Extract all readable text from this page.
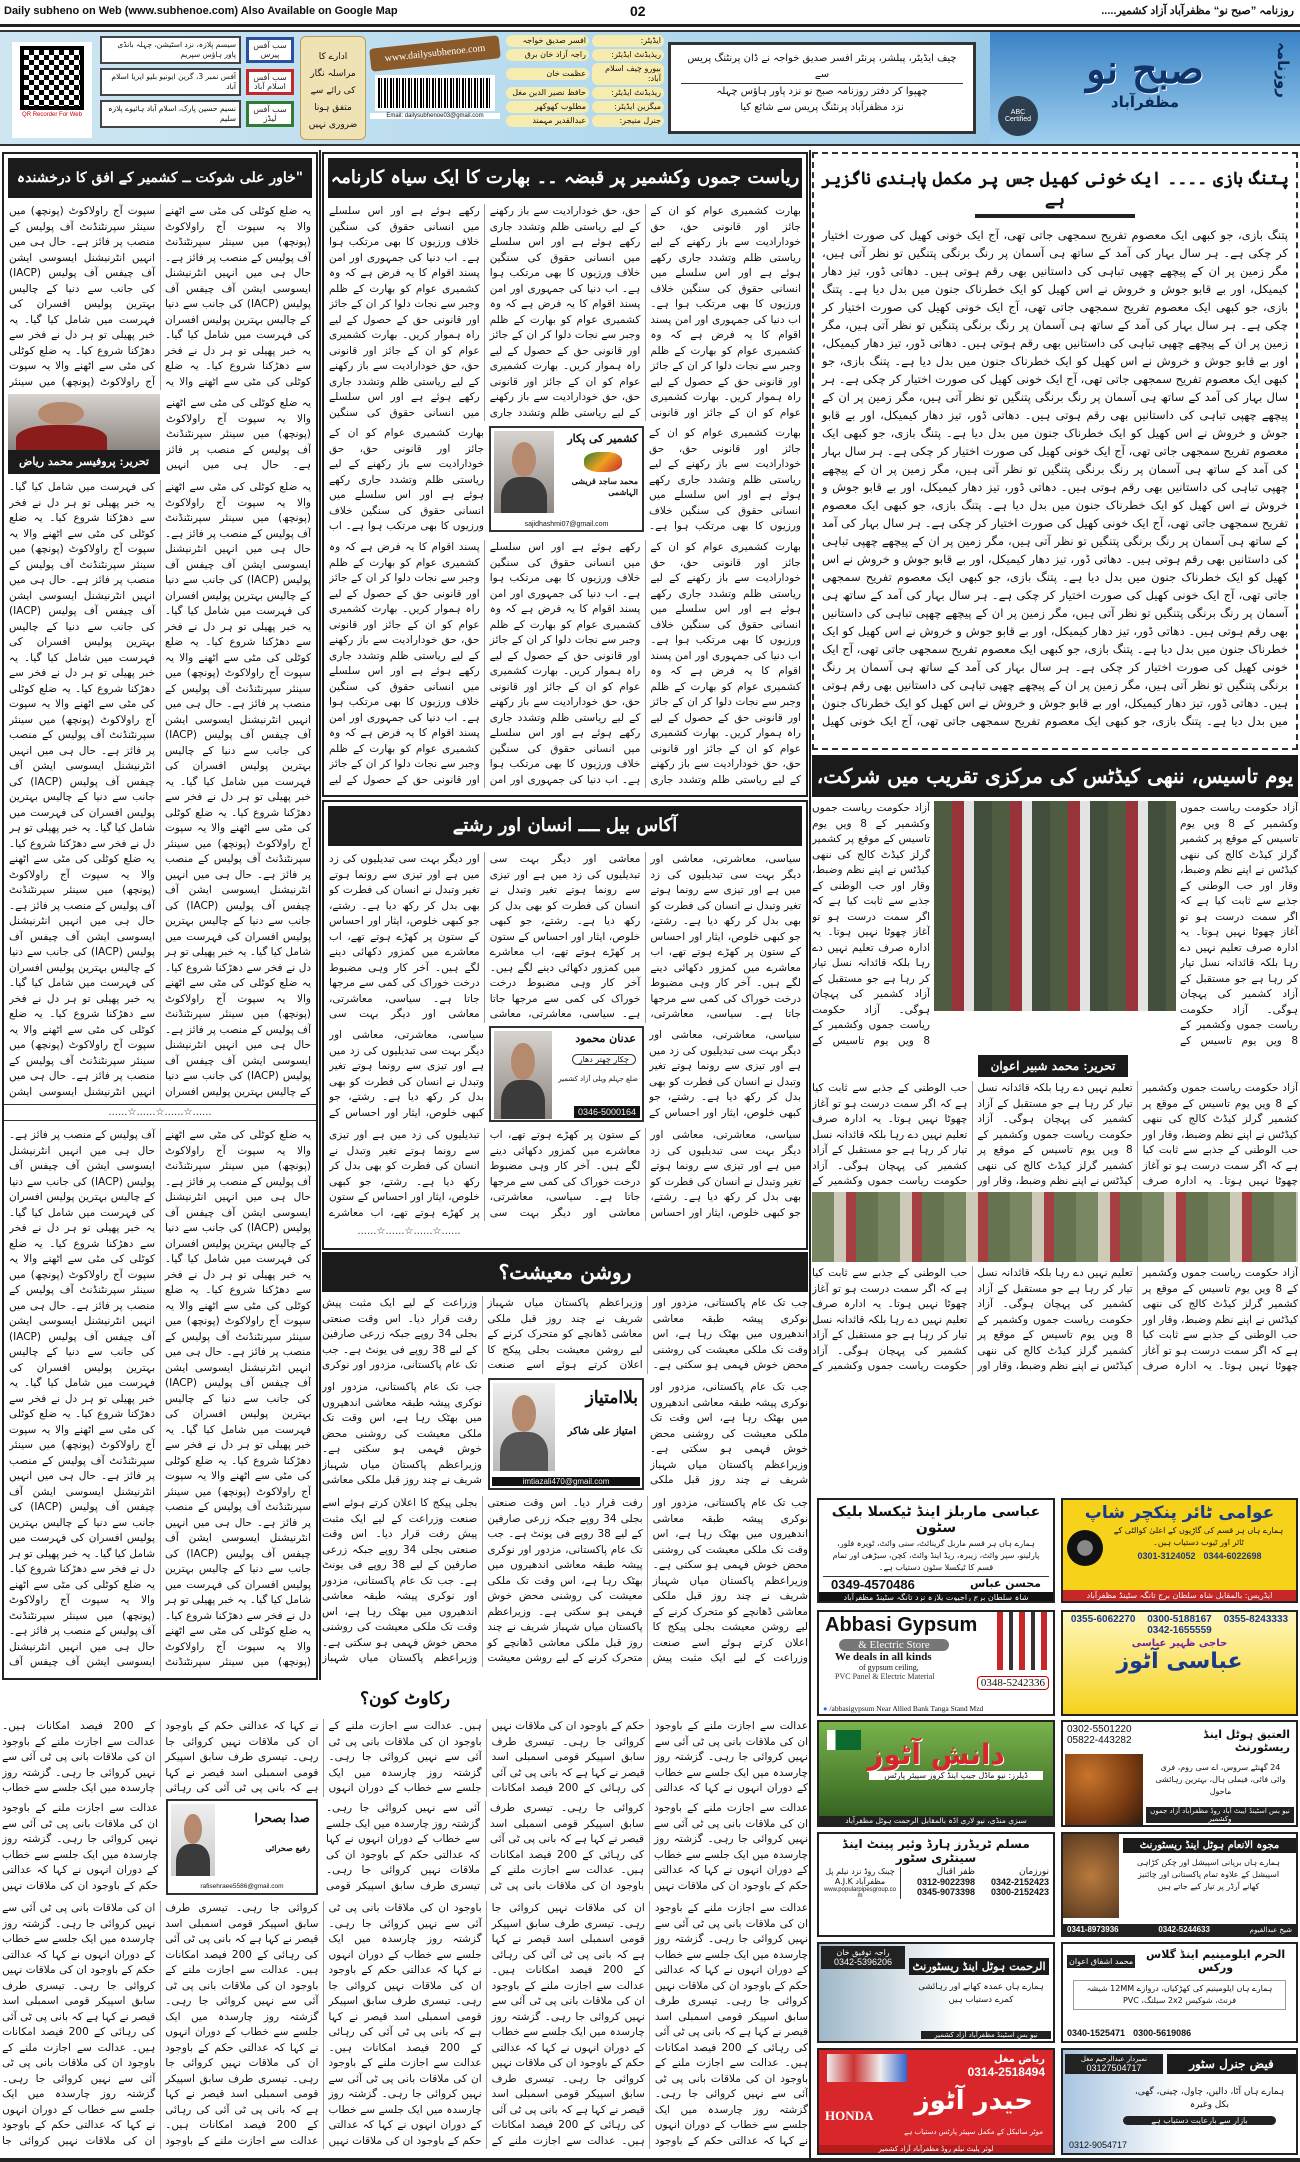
Daily subheno on Web (www.subhenoe.com) Also Available on Google Map	02	روزنامہ ”صبح نو“ مظفرآباد آزاد کشمیر.....
روزنامہ
صبح نو
مظفرآباد
ABC Certified
چیف ایڈیٹر، پبلشر، پرنٹر افسر صدیق خواجہ نے ڈان پرنٹنگ پریس سے
چھپوا کر دفتر روزنامہ صبح نو نزد پاور ہاؤس چہلہ
نزد مظفرآباد پرنٹنگ پریس سے شائع کیا
ایڈیٹر:
افسر صدیق خواجہ
ریذیڈنٹ ایڈیٹر:
راجہ آزاد خان برق
بیورو چیف اسلام آباد:
عظمت خان
ریذیڈنٹ ایڈیٹر:
حافظ نصیر الدین مغل
میگزین ایڈیٹر:
مطلوب کھوکھر
جنرل منیجر:
عبدالقدیر مہمند
www.dailysubhenoe.com
Email: dailysubhenoe03@gmail.com
ادارے کا مراسلہ نگار کی رائے سے متفق ہونا ضروری نہیں
سب آفس پیرس
سیسم پلازہ، نزد اسٹیشن، چہلہ بانڈی پاور ہاؤس سپریم
سب آفس اسلام آباد
آفس نمبر 3، گرین ایونیو بلیو ایریا اسلام آباد
سب آفس لیڈز
نسیم حسین پارک، اسلام آباد ہائیوے پلازہ سلیم
QR Recorder For Web
پتنگ بازی ۔۔۔۔ ایک خونی کھیل جس پر مکمل پابندی ناگزیر ہے
پتنگ بازی، جو کبھی ایک معصوم تفریح سمجھی جاتی تھی، آج ایک خونی کھیل کی صورت اختیار کر چکی ہے۔ ہر سال بہار کی آمد کے ساتھ ہی آسمان پر رنگ برنگی پتنگیں تو نظر آتی ہیں، مگر زمین پر ان کے پیچھے چھپی تباہی کی داستانیں بھی رقم ہوتی ہیں۔ دھاتی ڈور، تیز دھار کیمیکل، اور بے قابو جوش و خروش نے اس کھیل کو ایک خطرناک جنون میں بدل دیا ہے۔ پتنگ بازی، جو کبھی ایک معصوم تفریح سمجھی جاتی تھی، آج ایک خونی کھیل کی صورت اختیار کر چکی ہے۔ ہر سال بہار کی آمد کے ساتھ ہی آسمان پر رنگ برنگی پتنگیں تو نظر آتی ہیں، مگر زمین پر ان کے پیچھے چھپی تباہی کی داستانیں بھی رقم ہوتی ہیں۔ دھاتی ڈور، تیز دھار کیمیکل، اور بے قابو جوش و خروش نے اس کھیل کو ایک خطرناک جنون میں بدل دیا ہے۔ پتنگ بازی، جو کبھی ایک معصوم تفریح سمجھی جاتی تھی، آج ایک خونی کھیل کی صورت اختیار کر چکی ہے۔ ہر سال بہار کی آمد کے ساتھ ہی آسمان پر رنگ برنگی پتنگیں تو نظر آتی ہیں، مگر زمین پر ان کے پیچھے چھپی تباہی کی داستانیں بھی رقم ہوتی ہیں۔ دھاتی ڈور، تیز دھار کیمیکل، اور بے قابو جوش و خروش نے اس کھیل کو ایک خطرناک جنون میں بدل دیا ہے۔ پتنگ بازی، جو کبھی ایک معصوم تفریح سمجھی جاتی تھی، آج ایک خونی کھیل کی صورت اختیار کر چکی ہے۔ ہر سال بہار کی آمد کے ساتھ ہی آسمان پر رنگ برنگی پتنگیں تو نظر آتی ہیں، مگر زمین پر ان کے پیچھے چھپی تباہی کی داستانیں بھی رقم ہوتی ہیں۔ دھاتی ڈور، تیز دھار کیمیکل، اور بے قابو جوش و خروش نے اس کھیل کو ایک خطرناک جنون میں بدل دیا ہے۔ پتنگ بازی، جو کبھی ایک معصوم تفریح سمجھی جاتی تھی، آج ایک خونی کھیل کی صورت اختیار کر چکی ہے۔ ہر سال بہار کی آمد کے ساتھ ہی آسمان پر رنگ برنگی پتنگیں تو نظر آتی ہیں، مگر زمین پر ان کے پیچھے چھپی تباہی کی داستانیں بھی رقم ہوتی ہیں۔ دھاتی ڈور، تیز دھار کیمیکل، اور بے قابو جوش و خروش نے اس کھیل کو ایک خطرناک جنون میں بدل دیا ہے۔ پتنگ بازی، جو کبھی ایک معصوم تفریح سمجھی جاتی تھی، آج ایک خونی کھیل کی صورت اختیار کر چکی ہے۔ ہر سال بہار کی آمد کے ساتھ ہی آسمان پر رنگ برنگی پتنگیں تو نظر آتی ہیں، مگر زمین پر ان کے پیچھے چھپی تباہی کی داستانیں بھی رقم ہوتی ہیں۔ دھاتی ڈور، تیز دھار کیمیکل، اور بے قابو جوش و خروش نے اس کھیل کو ایک خطرناک جنون میں بدل دیا ہے۔ پتنگ بازی، جو کبھی ایک معصوم تفریح سمجھی جاتی تھی، آج ایک خونی کھیل کی صورت اختیار کر چکی ہے۔ ہر سال بہار کی آمد کے ساتھ ہی آسمان پر رنگ برنگی پتنگیں تو نظر آتی ہیں، مگر زمین پر ان کے پیچھے چھپی تباہی کی داستانیں بھی رقم ہوتی ہیں۔ دھاتی ڈور، تیز دھار کیمیکل، اور بے قابو جوش و خروش نے اس کھیل کو ایک خطرناک جنون میں بدل دیا ہے۔ پتنگ بازی، جو کبھی ایک معصوم تفریح سمجھی جاتی تھی، آج ایک خونی کھیل
یوم تاسیس، ننھی کیڈٹس کی مرکزی تقریب میں شرکت،
آزاد حکومت ریاست جموں وکشمیر کے 8 ویں یوم تاسیس کے موقع پر کشمیر گرلز کیڈٹ کالج کی ننھی کیڈٹس نے اپنے نظم وضبط، وقار اور حب الوطنی کے جذبے سے ثابت کیا ہے کہ اگر سمت درست ہو تو آغاز چھوٹا نہیں ہوتا۔ یہ ادارہ صرف تعلیم نہیں دے رہا بلکہ قائدانہ نسل تیار کر رہا ہے جو مستقبل کے آزاد کشمیر کی پہچان ہوگی۔ آزاد حکومت ریاست جموں وکشمیر کے 8 ویں یوم تاسیس کے
آزاد حکومت ریاست جموں وکشمیر کے 8 ویں یوم تاسیس کے موقع پر کشمیر گرلز کیڈٹ کالج کی ننھی کیڈٹس نے اپنے نظم وضبط، وقار اور حب الوطنی کے جذبے سے ثابت کیا ہے کہ اگر سمت درست ہو تو آغاز چھوٹا نہیں ہوتا۔ یہ ادارہ صرف تعلیم نہیں دے رہا بلکہ قائدانہ نسل تیار کر رہا ہے جو مستقبل کے آزاد کشمیر کی پہچان ہوگی۔ آزاد حکومت ریاست جموں وکشمیر کے 8 ویں یوم تاسیس کے
تحریر: محمد شبیر اعوان
آزاد حکومت ریاست جموں وکشمیر کے 8 ویں یوم تاسیس کے موقع پر کشمیر گرلز کیڈٹ کالج کی ننھی کیڈٹس نے اپنے نظم وضبط، وقار اور حب الوطنی کے جذبے سے ثابت کیا ہے کہ اگر سمت درست ہو تو آغاز چھوٹا نہیں ہوتا۔ یہ ادارہ صرف تعلیم نہیں دے رہا بلکہ قائدانہ نسل تیار کر رہا ہے جو مستقبل کے آزاد کشمیر کی پہچان ہوگی۔ آزاد حکومت ریاست جموں وکشمیر کے 8 ویں یوم تاسیس کے موقع پر کشمیر گرلز کیڈٹ کالج کی ننھی کیڈٹس نے اپنے نظم وضبط، وقار اور حب الوطنی کے جذبے سے ثابت کیا ہے کہ اگر سمت درست ہو تو آغاز چھوٹا نہیں ہوتا۔ یہ ادارہ صرف تعلیم نہیں دے رہا بلکہ قائدانہ نسل تیار کر رہا ہے جو مستقبل کے آزاد کشمیر کی پہچان ہوگی۔ آزاد حکومت ریاست جموں وکشمیر کے
آزاد حکومت ریاست جموں وکشمیر کے 8 ویں یوم تاسیس کے موقع پر کشمیر گرلز کیڈٹ کالج کی ننھی کیڈٹس نے اپنے نظم وضبط، وقار اور حب الوطنی کے جذبے سے ثابت کیا ہے کہ اگر سمت درست ہو تو آغاز چھوٹا نہیں ہوتا۔ یہ ادارہ صرف تعلیم نہیں دے رہا بلکہ قائدانہ نسل تیار کر رہا ہے جو مستقبل کے آزاد کشمیر کی پہچان ہوگی۔ آزاد حکومت ریاست جموں وکشمیر کے 8 ویں یوم تاسیس کے موقع پر کشمیر گرلز کیڈٹ کالج کی ننھی کیڈٹس نے اپنے نظم وضبط، وقار اور حب الوطنی کے جذبے سے ثابت کیا ہے کہ اگر سمت درست ہو تو آغاز چھوٹا نہیں ہوتا۔ یہ ادارہ صرف تعلیم نہیں دے رہا بلکہ قائدانہ نسل تیار کر رہا ہے جو مستقبل کے آزاد کشمیر کی پہچان ہوگی۔ آزاد حکومت ریاست جموں وکشمیر کے
ریاست جموں وکشمیر پر قبضہ ۔۔ بھارت کا ایک سیاہ کارنامہ
بھارت کشمیری عوام کو ان کے جائز اور قانونی حق، حق خودارادیت سے باز رکھنے کے لیے ریاستی ظلم وتشدد جاری رکھے ہوئے ہے اور اس سلسلے میں انسانی حقوق کی سنگین خلاف ورزیوں کا بھی مرتکب ہوا ہے۔ اب دنیا کی جمہوری اور امن پسند اقوام کا یہ فرض ہے کہ وہ کشمیری عوام کو بھارت کے ظلم وجبر سے نجات دلوا کر ان کے جائز اور قانونی حق کے حصول کے لیے راہ ہموار کریں۔ بھارت کشمیری عوام کو ان کے جائز اور قانونی حق، حق خودارادیت سے باز رکھنے کے لیے ریاستی ظلم وتشدد جاری رکھے ہوئے ہے اور اس سلسلے میں انسانی حقوق کی سنگین خلاف ورزیوں کا بھی مرتکب ہوا ہے۔ اب دنیا کی جمہوری اور امن پسند اقوام کا یہ فرض ہے کہ وہ کشمیری عوام کو بھارت کے ظلم وجبر سے نجات دلوا کر ان کے جائز اور قانونی حق کے حصول کے لیے راہ ہموار کریں۔ بھارت کشمیری عوام کو ان کے جائز اور قانونی حق، حق خودارادیت سے باز رکھنے کے لیے ریاستی ظلم وتشدد جاری رکھے ہوئے ہے اور اس سلسلے میں انسانی حقوق کی سنگین خلاف ورزیوں کا بھی مرتکب ہوا ہے۔ اب دنیا کی جمہوری اور امن پسند اقوام کا یہ فرض ہے کہ وہ کشمیری عوام کو بھارت کے ظلم وجبر سے نجات دلوا کر ان کے جائز اور قانونی حق کے حصول کے لیے راہ ہموار کریں۔ بھارت کشمیری عوام کو ان کے جائز اور قانونی حق، حق خودارادیت سے باز رکھنے کے لیے ریاستی ظلم وتشدد جاری رکھے ہوئے ہے اور اس سلسلے میں انسانی حقوق کی سنگین
بھارت کشمیری عوام کو ان کے جائز اور قانونی حق، حق خودارادیت سے باز رکھنے کے لیے ریاستی ظلم وتشدد جاری رکھے ہوئے ہے اور اس سلسلے میں انسانی حقوق کی سنگین خلاف ورزیوں کا بھی مرتکب ہوا ہے۔
بھارت کشمیری عوام کو ان کے جائز اور قانونی حق، حق خودارادیت سے باز رکھنے کے لیے ریاستی ظلم وتشدد جاری رکھے ہوئے ہے اور اس سلسلے میں انسانی حقوق کی سنگین خلاف ورزیوں کا بھی مرتکب ہوا ہے۔ اب
کشمیر کی پکار
محمد ساجد قریشی الہاشمی
sajidhashmi07@gmail.com
بھارت کشمیری عوام کو ان کے جائز اور قانونی حق، حق خودارادیت سے باز رکھنے کے لیے ریاستی ظلم وتشدد جاری رکھے ہوئے ہے اور اس سلسلے میں انسانی حقوق کی سنگین خلاف ورزیوں کا بھی مرتکب ہوا ہے۔ اب دنیا کی جمہوری اور امن پسند اقوام کا یہ فرض ہے کہ وہ کشمیری عوام کو بھارت کے ظلم وجبر سے نجات دلوا کر ان کے جائز اور قانونی حق کے حصول کے لیے راہ ہموار کریں۔ بھارت کشمیری عوام کو ان کے جائز اور قانونی حق، حق خودارادیت سے باز رکھنے کے لیے ریاستی ظلم وتشدد جاری رکھے ہوئے ہے اور اس سلسلے میں انسانی حقوق کی سنگین خلاف ورزیوں کا بھی مرتکب ہوا ہے۔ اب دنیا کی جمہوری اور امن پسند اقوام کا یہ فرض ہے کہ وہ کشمیری عوام کو بھارت کے ظلم وجبر سے نجات دلوا کر ان کے جائز اور قانونی حق کے حصول کے لیے راہ ہموار کریں۔ بھارت کشمیری عوام کو ان کے جائز اور قانونی حق، حق خودارادیت سے باز رکھنے کے لیے ریاستی ظلم وتشدد جاری رکھے ہوئے ہے اور اس سلسلے میں انسانی حقوق کی سنگین خلاف ورزیوں کا بھی مرتکب ہوا ہے۔ اب دنیا کی جمہوری اور امن پسند اقوام کا یہ فرض ہے کہ وہ کشمیری عوام کو بھارت کے ظلم وجبر سے نجات دلوا کر ان کے جائز اور قانونی حق کے حصول کے لیے راہ ہموار کریں۔ بھارت کشمیری عوام کو ان کے جائز اور قانونی حق، حق خودارادیت سے باز رکھنے کے لیے ریاستی ظلم وتشدد جاری رکھے ہوئے ہے اور اس سلسلے میں انسانی حقوق کی سنگین خلاف ورزیوں کا بھی مرتکب ہوا ہے۔ اب دنیا کی جمہوری اور امن پسند اقوام کا یہ فرض ہے کہ وہ کشمیری عوام کو بھارت کے ظلم وجبر سے نجات دلوا کر ان کے جائز اور قانونی حق کے حصول کے لیے
آکاس بیل ــــ انسان اور رشتے
سیاسی، معاشرتی، معاشی اور دیگر بہت سی تبدیلیوں کی زد میں ہے اور تیزی سے رونما ہوتے تغیر وتبدل نے انسان کی فطرت کو بھی بدل کر رکھ دیا ہے۔ رشتے، جو کبھی خلوص، ایثار اور احساس کے ستون پر کھڑے ہوتے تھے، اب معاشرے میں کمزور دکھائی دینے لگے ہیں۔ آخر کار وہی مضبوط درخت خوراک کی کمی سے مرجھا جاتا ہے۔ سیاسی، معاشرتی، معاشی اور دیگر بہت سی تبدیلیوں کی زد میں ہے اور تیزی سے رونما ہوتے تغیر وتبدل نے انسان کی فطرت کو بھی بدل کر رکھ دیا ہے۔ رشتے، جو کبھی خلوص، ایثار اور احساس کے ستون پر کھڑے ہوتے تھے، اب معاشرے میں کمزور دکھائی دینے لگے ہیں۔ آخر کار وہی مضبوط درخت خوراک کی کمی سے مرجھا جاتا ہے۔ سیاسی، معاشرتی، معاشی اور دیگر بہت سی تبدیلیوں کی زد میں ہے اور تیزی سے رونما ہوتے تغیر وتبدل نے انسان کی فطرت کو بھی بدل کر رکھ دیا ہے۔ رشتے، جو کبھی خلوص، ایثار اور احساس کے ستون پر کھڑے ہوتے تھے، اب معاشرے میں کمزور دکھائی دینے لگے ہیں۔ آخر کار وہی مضبوط درخت خوراک کی کمی سے مرجھا جاتا ہے۔ سیاسی، معاشرتی، معاشی اور دیگر بہت سی
سیاسی، معاشرتی، معاشی اور دیگر بہت سی تبدیلیوں کی زد میں ہے اور تیزی سے رونما ہوتے تغیر وتبدل نے انسان کی فطرت کو بھی بدل کر رکھ دیا ہے۔ رشتے، جو کبھی خلوص، ایثار اور احساس کے
سیاسی، معاشرتی، معاشی اور دیگر بہت سی تبدیلیوں کی زد میں ہے اور تیزی سے رونما ہوتے تغیر وتبدل نے انسان کی فطرت کو بھی بدل کر رکھ دیا ہے۔ رشتے، جو کبھی خلوص، ایثار اور احساس کے
عدنان محمود
چکار چھتر دھار
ضلع جہلم ویلی آزاد کشمیر
0346-5000164
سیاسی، معاشرتی، معاشی اور دیگر بہت سی تبدیلیوں کی زد میں ہے اور تیزی سے رونما ہوتے تغیر وتبدل نے انسان کی فطرت کو بھی بدل کر رکھ دیا ہے۔ رشتے، جو کبھی خلوص، ایثار اور احساس کے ستون پر کھڑے ہوتے تھے، اب معاشرے میں کمزور دکھائی دینے لگے ہیں۔ آخر کار وہی مضبوط درخت خوراک کی کمی سے مرجھا جاتا ہے۔ سیاسی، معاشرتی، معاشی اور دیگر بہت سی تبدیلیوں کی زد میں ہے اور تیزی سے رونما ہوتے تغیر وتبدل نے انسان کی فطرت کو بھی بدل کر رکھ دیا ہے۔ رشتے، جو کبھی خلوص، ایثار اور احساس کے ستون پر کھڑے ہوتے تھے، اب معاشرے
......☆......☆......☆......
روشن معیشت؟
جب تک عام پاکستانی، مزدور اور نوکری پیشہ طبقہ معاشی اندھیروں میں بھٹک رہا ہے، اس وقت تک ملکی معیشت کی روشنی محض خوش فہمی ہو سکتی ہے۔ وزیراعظم پاکستان میاں شہباز شریف نے چند روز قبل ملکی معاشی ڈھانچے کو متحرک کرنے کے لیے روشن معیشت بجلی پیکج کا اعلان کرتے ہوئے اسے صنعت وزراعت کے لیے ایک مثبت پیش رفت قرار دیا۔ اس وقت صنعتی بجلی 34 روپے جبکہ زرعی صارفین کے لیے 38 روپے فی یونٹ ہے۔ جب تک عام پاکستانی، مزدور اور نوکری
جب تک عام پاکستانی، مزدور اور نوکری پیشہ طبقہ معاشی اندھیروں میں بھٹک رہا ہے، اس وقت تک ملکی معیشت کی روشنی محض خوش فہمی ہو سکتی ہے۔ وزیراعظم پاکستان میاں شہباز شریف نے چند روز قبل ملکی
جب تک عام پاکستانی، مزدور اور نوکری پیشہ طبقہ معاشی اندھیروں میں بھٹک رہا ہے، اس وقت تک ملکی معیشت کی روشنی محض خوش فہمی ہو سکتی ہے۔ وزیراعظم پاکستان میاں شہباز شریف نے چند روز قبل ملکی معاشی
بلاامتیاز
امتیاز علی شاکر
imtiazali470@gmail.com
جب تک عام پاکستانی، مزدور اور نوکری پیشہ طبقہ معاشی اندھیروں میں بھٹک رہا ہے، اس وقت تک ملکی معیشت کی روشنی محض خوش فہمی ہو سکتی ہے۔ وزیراعظم پاکستان میاں شہباز شریف نے چند روز قبل ملکی معاشی ڈھانچے کو متحرک کرنے کے لیے روشن معیشت بجلی پیکج کا اعلان کرتے ہوئے اسے صنعت وزراعت کے لیے ایک مثبت پیش رفت قرار دیا۔ اس وقت صنعتی بجلی 34 روپے جبکہ زرعی صارفین کے لیے 38 روپے فی یونٹ ہے۔ جب تک عام پاکستانی، مزدور اور نوکری پیشہ طبقہ معاشی اندھیروں میں بھٹک رہا ہے، اس وقت تک ملکی معیشت کی روشنی محض خوش فہمی ہو سکتی ہے۔ وزیراعظم پاکستان میاں شہباز شریف نے چند روز قبل ملکی معاشی ڈھانچے کو متحرک کرنے کے لیے روشن معیشت بجلی پیکج کا اعلان کرتے ہوئے اسے صنعت وزراعت کے لیے ایک مثبت پیش رفت قرار دیا۔ اس وقت صنعتی بجلی 34 روپے جبکہ زرعی صارفین کے لیے 38 روپے فی یونٹ ہے۔ جب تک عام پاکستانی، مزدور اور نوکری پیشہ طبقہ معاشی اندھیروں میں بھٹک رہا ہے، اس وقت تک ملکی معیشت کی روشنی محض خوش فہمی ہو سکتی ہے۔ وزیراعظم پاکستان میاں شہباز
"خاور علی شوکت ــ کشمیر کے افق کا درخشندہ ستارہ"	یہ ضلع کوٹلی کی مٹی سے اٹھنے والا یہ سپوت آج راولاکوٹ (پونچھ) میں سینئر سپرنٹنڈنٹ آف پولیس کے منصب پر فائز ہے۔ حال ہی میں انہیں انٹرنیشنل ایسوسی ایشن آف چیفس آف پولیس (IACP) کی جانب سے دنیا کے چالیس بہترین پولیس افسران کی فہرست میں شامل کیا گیا۔ یہ خبر پھیلی تو ہر دل نے فخر سے دھڑکنا شروع کیا۔ یہ ضلع کوٹلی کی مٹی سے اٹھنے والا یہ سپوت آج راولاکوٹ (پونچھ) میں سینئر سپرنٹنڈنٹ آف پولیس کے منصب پر فائز ہے۔ حال ہی میں انہیں انٹرنیشنل ایسوسی ایشن آف چیفس آف پولیس (IACP) کی جانب سے دنیا کے چالیس بہترین پولیس افسران کی فہرست میں شامل کیا گیا۔ یہ خبر پھیلی تو ہر دل نے فخر سے دھڑکنا شروع کیا۔ یہ ضلع کوٹلی کی مٹی سے اٹھنے والا یہ سپوت آج راولاکوٹ (پونچھ) میں سینئر
تحریر: پروفیسر محمد ریاض
یہ ضلع کوٹلی کی مٹی سے اٹھنے والا یہ سپوت آج راولاکوٹ (پونچھ) میں سینئر سپرنٹنڈنٹ آف پولیس کے منصب پر فائز ہے۔ حال ہی میں انہیں
یہ ضلع کوٹلی کی مٹی سے اٹھنے والا یہ سپوت آج راولاکوٹ (پونچھ) میں سینئر سپرنٹنڈنٹ آف پولیس کے منصب پر فائز ہے۔ حال ہی میں انہیں انٹرنیشنل ایسوسی ایشن آف چیفس آف پولیس (IACP) کی جانب سے دنیا کے چالیس بہترین پولیس افسران کی فہرست میں شامل کیا گیا۔ یہ خبر پھیلی تو ہر دل نے فخر سے دھڑکنا شروع کیا۔ یہ ضلع کوٹلی کی مٹی سے اٹھنے والا یہ سپوت آج راولاکوٹ (پونچھ) میں سینئر سپرنٹنڈنٹ آف پولیس کے منصب پر فائز ہے۔ حال ہی میں انہیں انٹرنیشنل ایسوسی ایشن آف چیفس آف پولیس (IACP) کی جانب سے دنیا کے چالیس بہترین پولیس افسران کی فہرست میں شامل کیا گیا۔ یہ خبر پھیلی تو ہر دل نے فخر سے دھڑکنا شروع کیا۔ یہ ضلع کوٹلی کی مٹی سے اٹھنے والا یہ سپوت آج راولاکوٹ (پونچھ) میں سینئر سپرنٹنڈنٹ آف پولیس کے منصب پر فائز ہے۔ حال ہی میں انہیں انٹرنیشنل ایسوسی ایشن آف چیفس آف پولیس (IACP) کی جانب سے دنیا کے چالیس بہترین پولیس افسران کی فہرست میں شامل کیا گیا۔ یہ خبر پھیلی تو ہر دل نے فخر سے دھڑکنا شروع کیا۔ یہ ضلع کوٹلی کی مٹی سے اٹھنے والا یہ سپوت آج راولاکوٹ (پونچھ) میں سینئر سپرنٹنڈنٹ آف پولیس کے منصب پر فائز ہے۔ حال ہی میں انہیں انٹرنیشنل ایسوسی ایشن آف چیفس آف پولیس (IACP) کی جانب سے دنیا کے چالیس بہترین پولیس افسران کی فہرست میں شامل کیا گیا۔ یہ خبر پھیلی تو ہر دل نے فخر سے دھڑکنا شروع کیا۔ یہ ضلع کوٹلی کی مٹی سے اٹھنے والا یہ سپوت آج راولاکوٹ (پونچھ) میں سینئر سپرنٹنڈنٹ آف پولیس کے منصب پر فائز ہے۔ حال ہی میں انہیں انٹرنیشنل ایسوسی ایشن آف چیفس آف پولیس (IACP) کی جانب سے دنیا کے چالیس بہترین پولیس افسران کی فہرست میں شامل کیا گیا۔ یہ خبر پھیلی تو ہر دل نے فخر سے دھڑکنا شروع کیا۔ یہ ضلع کوٹلی کی مٹی سے اٹھنے والا یہ سپوت آج راولاکوٹ (پونچھ) میں سینئر سپرنٹنڈنٹ آف پولیس کے منصب پر فائز ہے۔ حال ہی میں انہیں انٹرنیشنل ایسوسی ایشن آف چیفس آف پولیس (IACP) کی جانب سے دنیا کے چالیس بہترین پولیس افسران کی فہرست میں شامل کیا گیا۔ یہ خبر پھیلی تو ہر دل نے فخر سے دھڑکنا شروع کیا۔ یہ ضلع کوٹلی کی مٹی سے اٹھنے والا یہ سپوت آج راولاکوٹ (پونچھ) میں سینئر سپرنٹنڈنٹ آف پولیس کے منصب پر فائز ہے۔ حال ہی میں انہیں انٹرنیشنل ایسوسی ایشن آف چیفس آف پولیس (IACP) کی جانب سے دنیا کے چالیس بہترین پولیس افسران کی فہرست میں شامل کیا گیا۔ یہ خبر پھیلی تو ہر دل نے فخر سے دھڑکنا شروع کیا۔ یہ ضلع کوٹلی کی مٹی سے اٹھنے والا یہ سپوت آج راولاکوٹ (پونچھ) میں سینئر سپرنٹنڈنٹ آف پولیس کے منصب پر فائز ہے۔ حال ہی میں انہیں انٹرنیشنل ایسوسی ایشن
......☆......☆......☆......
یہ ضلع کوٹلی کی مٹی سے اٹھنے والا یہ سپوت آج راولاکوٹ (پونچھ) میں سینئر سپرنٹنڈنٹ آف پولیس کے منصب پر فائز ہے۔ حال ہی میں انہیں انٹرنیشنل ایسوسی ایشن آف چیفس آف پولیس (IACP) کی جانب سے دنیا کے چالیس بہترین پولیس افسران کی فہرست میں شامل کیا گیا۔ یہ خبر پھیلی تو ہر دل نے فخر سے دھڑکنا شروع کیا۔ یہ ضلع کوٹلی کی مٹی سے اٹھنے والا یہ سپوت آج راولاکوٹ (پونچھ) میں سینئر سپرنٹنڈنٹ آف پولیس کے منصب پر فائز ہے۔ حال ہی میں انہیں انٹرنیشنل ایسوسی ایشن آف چیفس آف پولیس (IACP) کی جانب سے دنیا کے چالیس بہترین پولیس افسران کی فہرست میں شامل کیا گیا۔ یہ خبر پھیلی تو ہر دل نے فخر سے دھڑکنا شروع کیا۔ یہ ضلع کوٹلی کی مٹی سے اٹھنے والا یہ سپوت آج راولاکوٹ (پونچھ) میں سینئر سپرنٹنڈنٹ آف پولیس کے منصب پر فائز ہے۔ حال ہی میں انہیں انٹرنیشنل ایسوسی ایشن آف چیفس آف پولیس (IACP) کی جانب سے دنیا کے چالیس بہترین پولیس افسران کی فہرست میں شامل کیا گیا۔ یہ خبر پھیلی تو ہر دل نے فخر سے دھڑکنا شروع کیا۔ یہ ضلع کوٹلی کی مٹی سے اٹھنے والا یہ سپوت آج راولاکوٹ (پونچھ) میں سینئر سپرنٹنڈنٹ آف پولیس کے منصب پر فائز ہے۔ حال ہی میں انہیں انٹرنیشنل ایسوسی ایشن آف چیفس آف پولیس (IACP) کی جانب سے دنیا کے چالیس بہترین پولیس افسران کی فہرست میں شامل کیا گیا۔ یہ خبر پھیلی تو ہر دل نے فخر سے دھڑکنا شروع کیا۔ یہ ضلع کوٹلی کی مٹی سے اٹھنے والا یہ سپوت آج راولاکوٹ (پونچھ) میں سینئر سپرنٹنڈنٹ آف پولیس کے منصب پر فائز ہے۔ حال ہی میں انہیں انٹرنیشنل ایسوسی ایشن آف چیفس آف پولیس (IACP) کی جانب سے دنیا کے چالیس بہترین پولیس افسران کی فہرست میں شامل کیا گیا۔ یہ خبر پھیلی تو ہر دل نے فخر سے دھڑکنا شروع کیا۔ یہ ضلع کوٹلی کی مٹی سے اٹھنے والا یہ سپوت آج راولاکوٹ (پونچھ) میں سینئر سپرنٹنڈنٹ آف پولیس کے منصب پر فائز ہے۔ حال ہی میں انہیں انٹرنیشنل ایسوسی ایشن آف چیفس آف پولیس (IACP) کی جانب سے دنیا کے چالیس بہترین پولیس افسران کی فہرست میں شامل کیا گیا۔ یہ خبر پھیلی تو ہر دل نے فخر سے دھڑکنا شروع کیا۔ یہ ضلع کوٹلی کی مٹی سے اٹھنے والا یہ سپوت آج راولاکوٹ (پونچھ) میں سینئر سپرنٹنڈنٹ آف پولیس کے منصب پر فائز ہے۔ حال ہی میں انہیں انٹرنیشنل ایسوسی ایشن آف چیفس آف
رکاوٹ کون؟
عدالت سے اجازت ملنے کے باوجود ان کی ملاقات بانی پی ٹی آئی سے نہیں کروائی جا رہی۔ گزشتہ روز چارسدہ میں ایک جلسے سے خطاب کے دوران انہوں نے کہا کہ عدالتی حکم کے باوجود ان کی ملاقات نہیں کروائی جا رہی۔ تیسری طرف سابق اسپیکر قومی اسمبلی اسد قیصر نے کہا ہے کہ بانی پی ٹی آئی کی رہائی کے 200 فیصد امکانات ہیں۔ عدالت سے اجازت ملنے کے باوجود ان کی ملاقات بانی پی ٹی آئی سے نہیں کروائی جا رہی۔ گزشتہ روز چارسدہ میں ایک جلسے سے خطاب کے دوران انہوں نے کہا کہ عدالتی حکم کے باوجود ان کی ملاقات نہیں کروائی جا رہی۔ تیسری طرف سابق اسپیکر قومی اسمبلی اسد قیصر نے کہا ہے کہ بانی پی ٹی آئی کی رہائی کے 200 فیصد امکانات ہیں۔ عدالت سے اجازت ملنے کے باوجود ان کی ملاقات بانی پی ٹی آئی سے نہیں کروائی جا رہی۔ گزشتہ روز چارسدہ میں ایک جلسے سے خطاب
عدالت سے اجازت ملنے کے باوجود ان کی ملاقات بانی پی ٹی آئی سے نہیں کروائی جا رہی۔ گزشتہ روز چارسدہ میں ایک جلسے سے خطاب کے دوران انہوں نے کہا کہ عدالتی حکم کے باوجود ان کی ملاقات نہیں کروائی جا رہی۔ تیسری طرف سابق اسپیکر قومی اسمبلی اسد قیصر نے کہا ہے کہ بانی پی ٹی آئی کی رہائی کے 200 فیصد امکانات ہیں۔ عدالت سے اجازت ملنے کے باوجود ان کی ملاقات بانی پی ٹی آئی سے نہیں کروائی جا رہی۔ گزشتہ روز چارسدہ میں ایک جلسے سے خطاب کے دوران انہوں نے کہا کہ عدالتی حکم کے باوجود ان کی ملاقات نہیں کروائی جا رہی۔ تیسری طرف سابق اسپیکر قومی
عدالت سے اجازت ملنے کے باوجود ان کی ملاقات بانی پی ٹی آئی سے نہیں کروائی جا رہی۔ گزشتہ روز چارسدہ میں ایک جلسے سے خطاب کے دوران انہوں نے کہا کہ عدالتی حکم کے باوجود ان کی ملاقات نہیں
صدا بصحرا
رفیع صحرائی
rafisehraee5586@gmail.com
عدالت سے اجازت ملنے کے باوجود ان کی ملاقات بانی پی ٹی آئی سے نہیں کروائی جا رہی۔ گزشتہ روز چارسدہ میں ایک جلسے سے خطاب کے دوران انہوں نے کہا کہ عدالتی حکم کے باوجود ان کی ملاقات نہیں کروائی جا رہی۔ تیسری طرف سابق اسپیکر قومی اسمبلی اسد قیصر نے کہا ہے کہ بانی پی ٹی آئی کی رہائی کے 200 فیصد امکانات ہیں۔ عدالت سے اجازت ملنے کے باوجود ان کی ملاقات بانی پی ٹی آئی سے نہیں کروائی جا رہی۔ گزشتہ روز چارسدہ میں ایک جلسے سے خطاب کے دوران انہوں نے کہا کہ عدالتی حکم کے باوجود ان کی ملاقات نہیں کروائی جا رہی۔ تیسری طرف سابق اسپیکر قومی اسمبلی اسد قیصر نے کہا ہے کہ بانی پی ٹی آئی کی رہائی کے 200 فیصد امکانات ہیں۔ عدالت سے اجازت ملنے کے باوجود ان کی ملاقات بانی پی ٹی آئی سے نہیں کروائی جا رہی۔ گزشتہ روز چارسدہ میں ایک جلسے سے خطاب کے دوران انہوں نے کہا کہ عدالتی حکم کے باوجود ان کی ملاقات نہیں کروائی جا رہی۔ تیسری طرف سابق اسپیکر قومی اسمبلی اسد قیصر نے کہا ہے کہ بانی پی ٹی آئی کی رہائی کے 200 فیصد امکانات ہیں۔ عدالت سے اجازت ملنے کے باوجود ان کی ملاقات بانی پی ٹی آئی سے نہیں کروائی جا رہی۔ گزشتہ روز چارسدہ میں ایک جلسے سے خطاب کے دوران انہوں نے کہا کہ عدالتی حکم کے باوجود ان کی ملاقات نہیں کروائی جا رہی۔ تیسری طرف سابق اسپیکر قومی اسمبلی اسد قیصر نے کہا ہے کہ بانی پی ٹی آئی کی رہائی کے 200 فیصد امکانات ہیں۔ عدالت سے اجازت ملنے کے باوجود ان کی ملاقات بانی پی ٹی آئی سے نہیں کروائی جا رہی۔ گزشتہ روز چارسدہ میں ایک جلسے سے خطاب کے دوران انہوں نے کہا کہ عدالتی حکم کے باوجود ان کی ملاقات نہیں کروائی جا رہی۔ تیسری طرف سابق اسپیکر قومی اسمبلی اسد قیصر نے کہا ہے کہ بانی پی ٹی آئی کی رہائی کے 200 فیصد امکانات ہیں۔ عدالت سے اجازت ملنے کے باوجود ان کی ملاقات بانی پی ٹی آئی سے نہیں کروائی جا رہی۔ گزشتہ روز چارسدہ میں ایک جلسے سے خطاب کے دوران انہوں نے کہا کہ عدالتی حکم کے باوجود ان کی ملاقات نہیں کروائی جا رہی۔ تیسری طرف سابق اسپیکر قومی اسمبلی اسد قیصر نے کہا ہے کہ بانی پی ٹی آئی کی رہائی کے 200 فیصد امکانات ہیں۔ عدالت سے اجازت ملنے کے باوجود ان کی ملاقات بانی پی ٹی آئی سے نہیں کروائی جا رہی۔ گزشتہ روز چارسدہ میں ایک جلسے سے خطاب کے دوران انہوں نے کہا کہ عدالتی حکم کے باوجود ان کی ملاقات نہیں کروائی جا رہی۔ تیسری طرف سابق اسپیکر قومی اسمبلی اسد قیصر نے کہا ہے کہ بانی پی ٹی آئی کی رہائی کے 200 فیصد امکانات ہیں۔ عدالت سے اجازت ملنے کے باوجود ان کی ملاقات بانی پی ٹی آئی سے نہیں کروائی جا رہی۔ گزشتہ روز چارسدہ میں ایک جلسے سے خطاب کے دوران انہوں نے کہا کہ عدالتی حکم کے باوجود ان کی ملاقات نہیں کروائی جا
عباسی ماربلز اینڈ ٹیکسلا بلیک سٹون
ہمارے ہاں ہر قسم ماربل گرینائٹ، سنی وائٹ، ٹویرہ فلور، پارلینو، سپر وائٹ، زیبرہ، ریڈ اینڈ وائٹ، کچن، سیڑھی اور تمام قسم کا ٹیکسلا سٹون دستیاب ہے۔
محسن عباس
0349-4570486
شاہ سلطان برج راجپوت پلازہ نزد تانگہ سٹینڈ مظفرآباد
عوامی ٹائر پنکچر شاپ
ہمارے ہاں ہر قسم کی گاڑیوں کے اعلیٰ کوالٹی کے ٹائر اور ٹیوب دستیاب ہیں۔
0301-3124052 0344-6022698
ایڈریس: بالمقابل شاہ سلطان برج تانگہ سٹینڈ مظفرآباد
Abbasi Gypsum
& Electric Store
We deals in all kinds
of gypsum ceiling,
PVC Panel & Electric Material
0348-5242336
● /abbasigypsum Near Allied Bank Tanga Stand Mzd
0355-6062270 0300-5188167 0355-8243333
0342-1655559
حاجی ظہیر عباسی
عباسی آٹوز
دانش آٹوز
ڈیلرز: نیو ماڈل جیپ اینڈ کروز سپیئر پارٹس
سبزی منڈی، نیو لاری اڈہ بالمقابل الرحمت ہوٹل مظفرآباد
0302-5501220
05822-443282	العتیق ہوٹل اینڈ ریسٹورنٹ
24 گھنٹے سروس، اے سی روم، فری وائی فائی، فیملی ہال، بہترین رہائشی ماحول
نیو بس اسٹینڈ ایبٹ آباد روڈ مظفرآباد آزاد جموں وکشمیر
مسلم ٹریڈرز ہارڈ وئیر پینٹ اینڈ سینٹری سٹور
نورزمان
0342-2152423
0300-2152423
ظفر اقبال
0312-9022398
0345-9073398
چینک روڈ نزد نیلم پل مظفرآباد A.J.K
www.popularpipesgroup.com
مجوہ الانعام ہوٹل اینڈ ریسٹورنٹ
ہمارے ہاں بریانی اسپیشل اور چکن کڑاہی اسپیشل کے علاوہ تمام پاکستانی اور چائنیز کھانے آرڈر پر تیار کیے جاتے ہیں
شیخ عبدالقیوم
0342-5244633
0341-8973936
الرحمت ہوٹل اینڈ ریسٹورنٹ
راجہ توفیق خان
0342-5396206
ہمارے ہاں عمدہ کھانے اور رہائشی کمرے دستیاب ہیں
نیو بس اسٹینڈ مظفرآباد آزاد کشمیر
الحرم ایلومینیم اینڈ گلاس ورکس
محمد اشفاق اعوان
ہمارے ہاں ایلومینیم کی کھڑکیاں، دروازے 12MM شیشہ فرنٹ، شوکیس 2x2 سیلنگ، PVC
0340-1525471 0300-5619086
ریاض مغل
0314-2518494
حیدر آٹوز
HONDA
موٹر سائیکل کے مکمل سپیئر پارٹس دستیاب ہے
لوئر پلیٹ نیلم روڈ مظفرآباد آزاد کشمیر
فیض جنرل سٹور
نمبردار عبدالرحیم مغل
03127504717
ہمارے ہاں آٹا، دالیں، چاول، چینی، گھی، بکل وغیرہ
بازار سے بارعایت دستیاب ہے
0312-9054717
